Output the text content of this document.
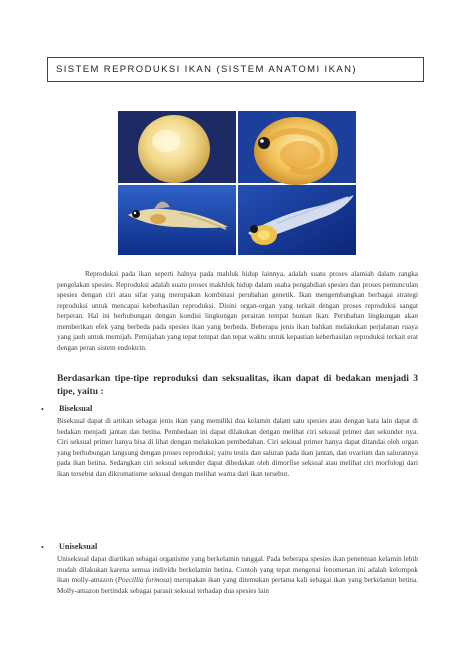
SISTEM REPRODUKSI IKAN (SISTEM ANATOMI IKAN)

Reproduksi pada ikan seperti halnya pada mahluk hidup lainnya, adalah suatu proses alamiah dalam rangka pengelakan spesies. Reproduksi adalah suatu proses makhluk hidup dalam usaha pengabdian spesies dan proses pemunculan spesies dengan ciri atau sifat yang merupakan kombinasi perubahan genetik. Ikan mengembangkan berbagai strategi reproduksi untuk mencapai keberhasilan reproduksi. Disini organ-organ yang terkait dengan proses reproduksi sangat berperan. Hal ini berhubungan dengan kondisi lingkungan perairan tempat hunian ikan. Perubahan lingkungan akan memberikan efek yang berbeda pada spesies ikan yang berbeda. Beberapa jenis ikan bahkan melakukan perjalanan ruaya yang jauh untuk memijah. Pemijahan yang tepat tempat dan tepat waktu untuk kepastian keberhasilan reproduksi terkait erat dengan peran sistem endoktrin.

Berdasarkan tipe-tipe reproduksi dan seksualitas, ikan dapat di bedakan menjadi 3 tipe, yaitu :

• Biseksual

Biseksual dapat di artikan sebagai jenis ikan yang memiliki dua kelamin dalam satu spesies atau dengan kata lain dapat di bedakan menjadi jantan dan betina. Pembedaan ini dapat dilakukan dengan melihat ciri seksual primer dan sekunder nya. Ciri seksual primer hanya bisa di lihat dengan melakukan pembedahan. Ciri seksual primer hanya dapat ditandai oleh organ yang berhubungan langsung dengan proses reproduksi; yaitu testis dan saluran pada ikan jantan, dan ovarium dan salurannya pada ikan betina. Sedangkan ciri seksual sekunder dapat dibedakan oleh dimorfise seksual atau melihat ciri morfologi dari ikan tersebut dan dikromatisme seksual dengan melihat warna dari ikan tersebut.

• Uniseksual

Uniseksual dapat diartikan sebagai organisme yang berkelamin tunggal. Pada beberapa spesies ikan penentuan kelamin lebih mudah dilakukan karena semua individu berkelamin betina. Contoh yang tepat mengenai fenomenan ini adalah kelompok ikan molly-amazon (Poecillia formosa) merupakan ikan yang ditemukan pertama kali sebagai ikan yang berkelamin betina. Molly-amazon bertindak sebagai parasit seksual terhadap dua spesies lain
